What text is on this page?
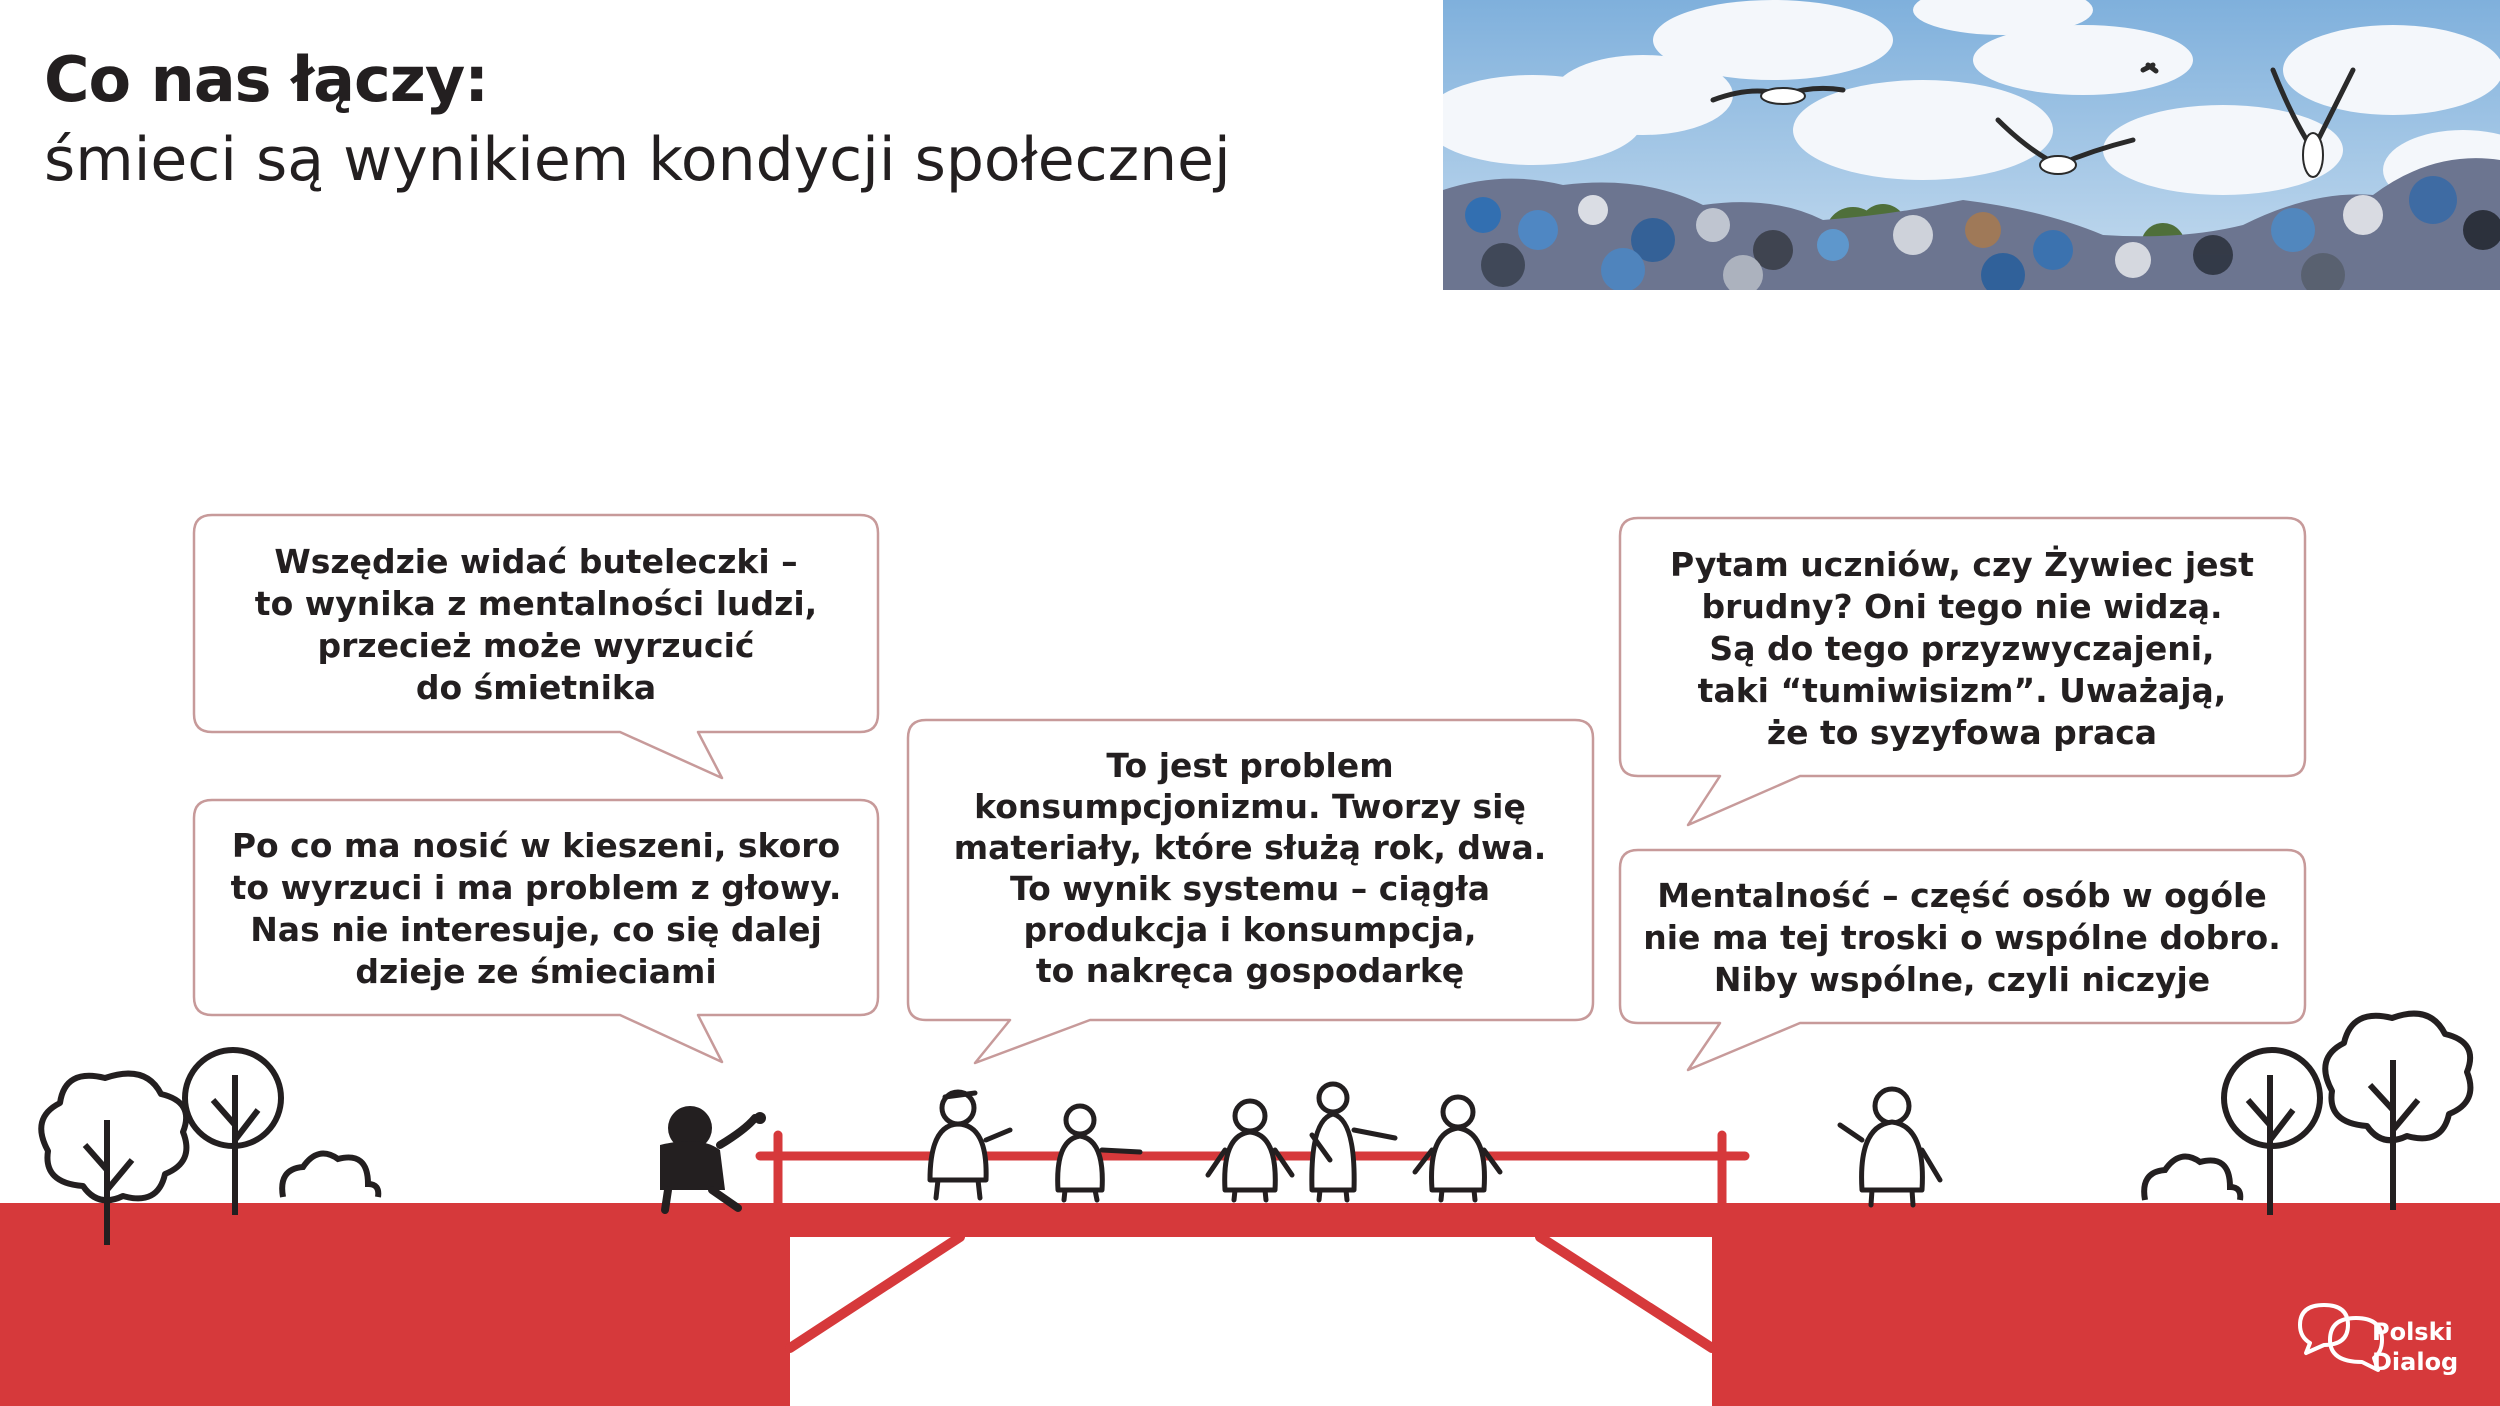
Co nas łączy:
śmieci są wynikiem kondycji społecznej
Wszędzie widać buteleczki –
to wynika z mentalności ludzi,
przecież może wyrzucić
do śmietnika
Po co ma nosić w kieszeni, skoro
to wyrzuci i ma problem z głowy.
Nas nie interesuje, co się dalej
dzieje ze śmieciami
To jest problem
konsumpcjonizmu. Tworzy się
materiały, które służą rok, dwa.
To wynik systemu – ciągła
produkcja i konsumpcja,
to nakręca gospodarkę
Pytam uczniów, czy Żywiec jest
brudny? Oni tego nie widzą.
Są do tego przyzwyczajeni,
taki “tumiwisizm”. Uważają,
że to syzyfowa praca
Mentalność – część osób w ogóle
nie ma tej troski o wspólne dobro.
Niby wspólne, czyli niczyje
Polski
Dialog
